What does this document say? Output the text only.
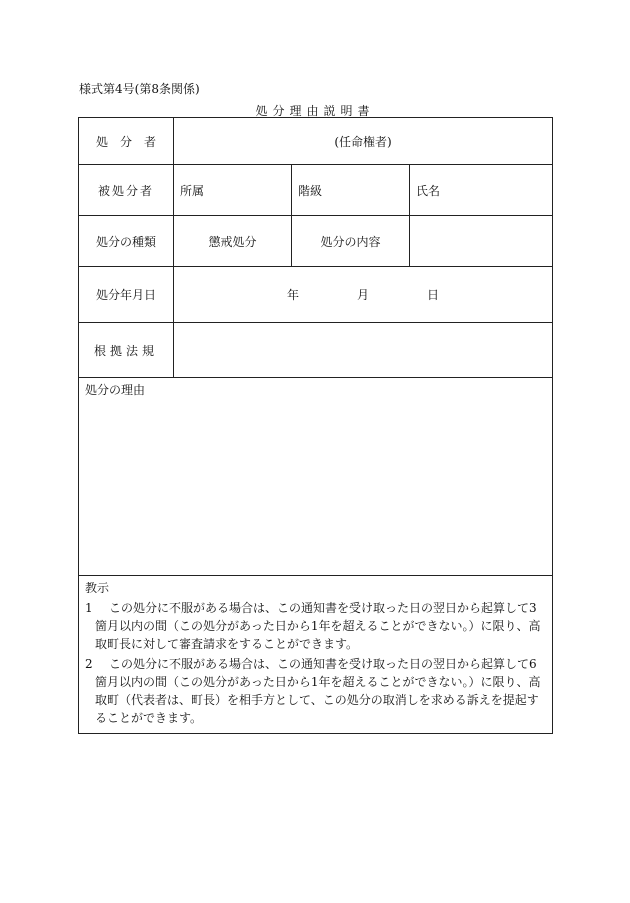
様式第4号(第8条関係)
処分理由説明書
処　分　者	(任命権者)		
被処分者	所属	階級	氏名
処分の種類	懲戒処分	処分の内容	
処分年月日	年 月 日		
根拠法規			
処分の理由			

教示
1 この処分に不服がある場合は、この通知書を受け取った日の翌日から起算して3箇月以内の間（この処分があった日から1年を超えることができない。）に限り、高取町長に対して審査請求をすることができます。
2 この処分に不服がある場合は、この通知書を受け取った日の翌日から起算して6箇月以内の間（この処分があった日から1年を超えることができない。）に限り、高取町（代表者は、町長）を相手方として、この処分の取消しを求める訴えを提起することができます。			
